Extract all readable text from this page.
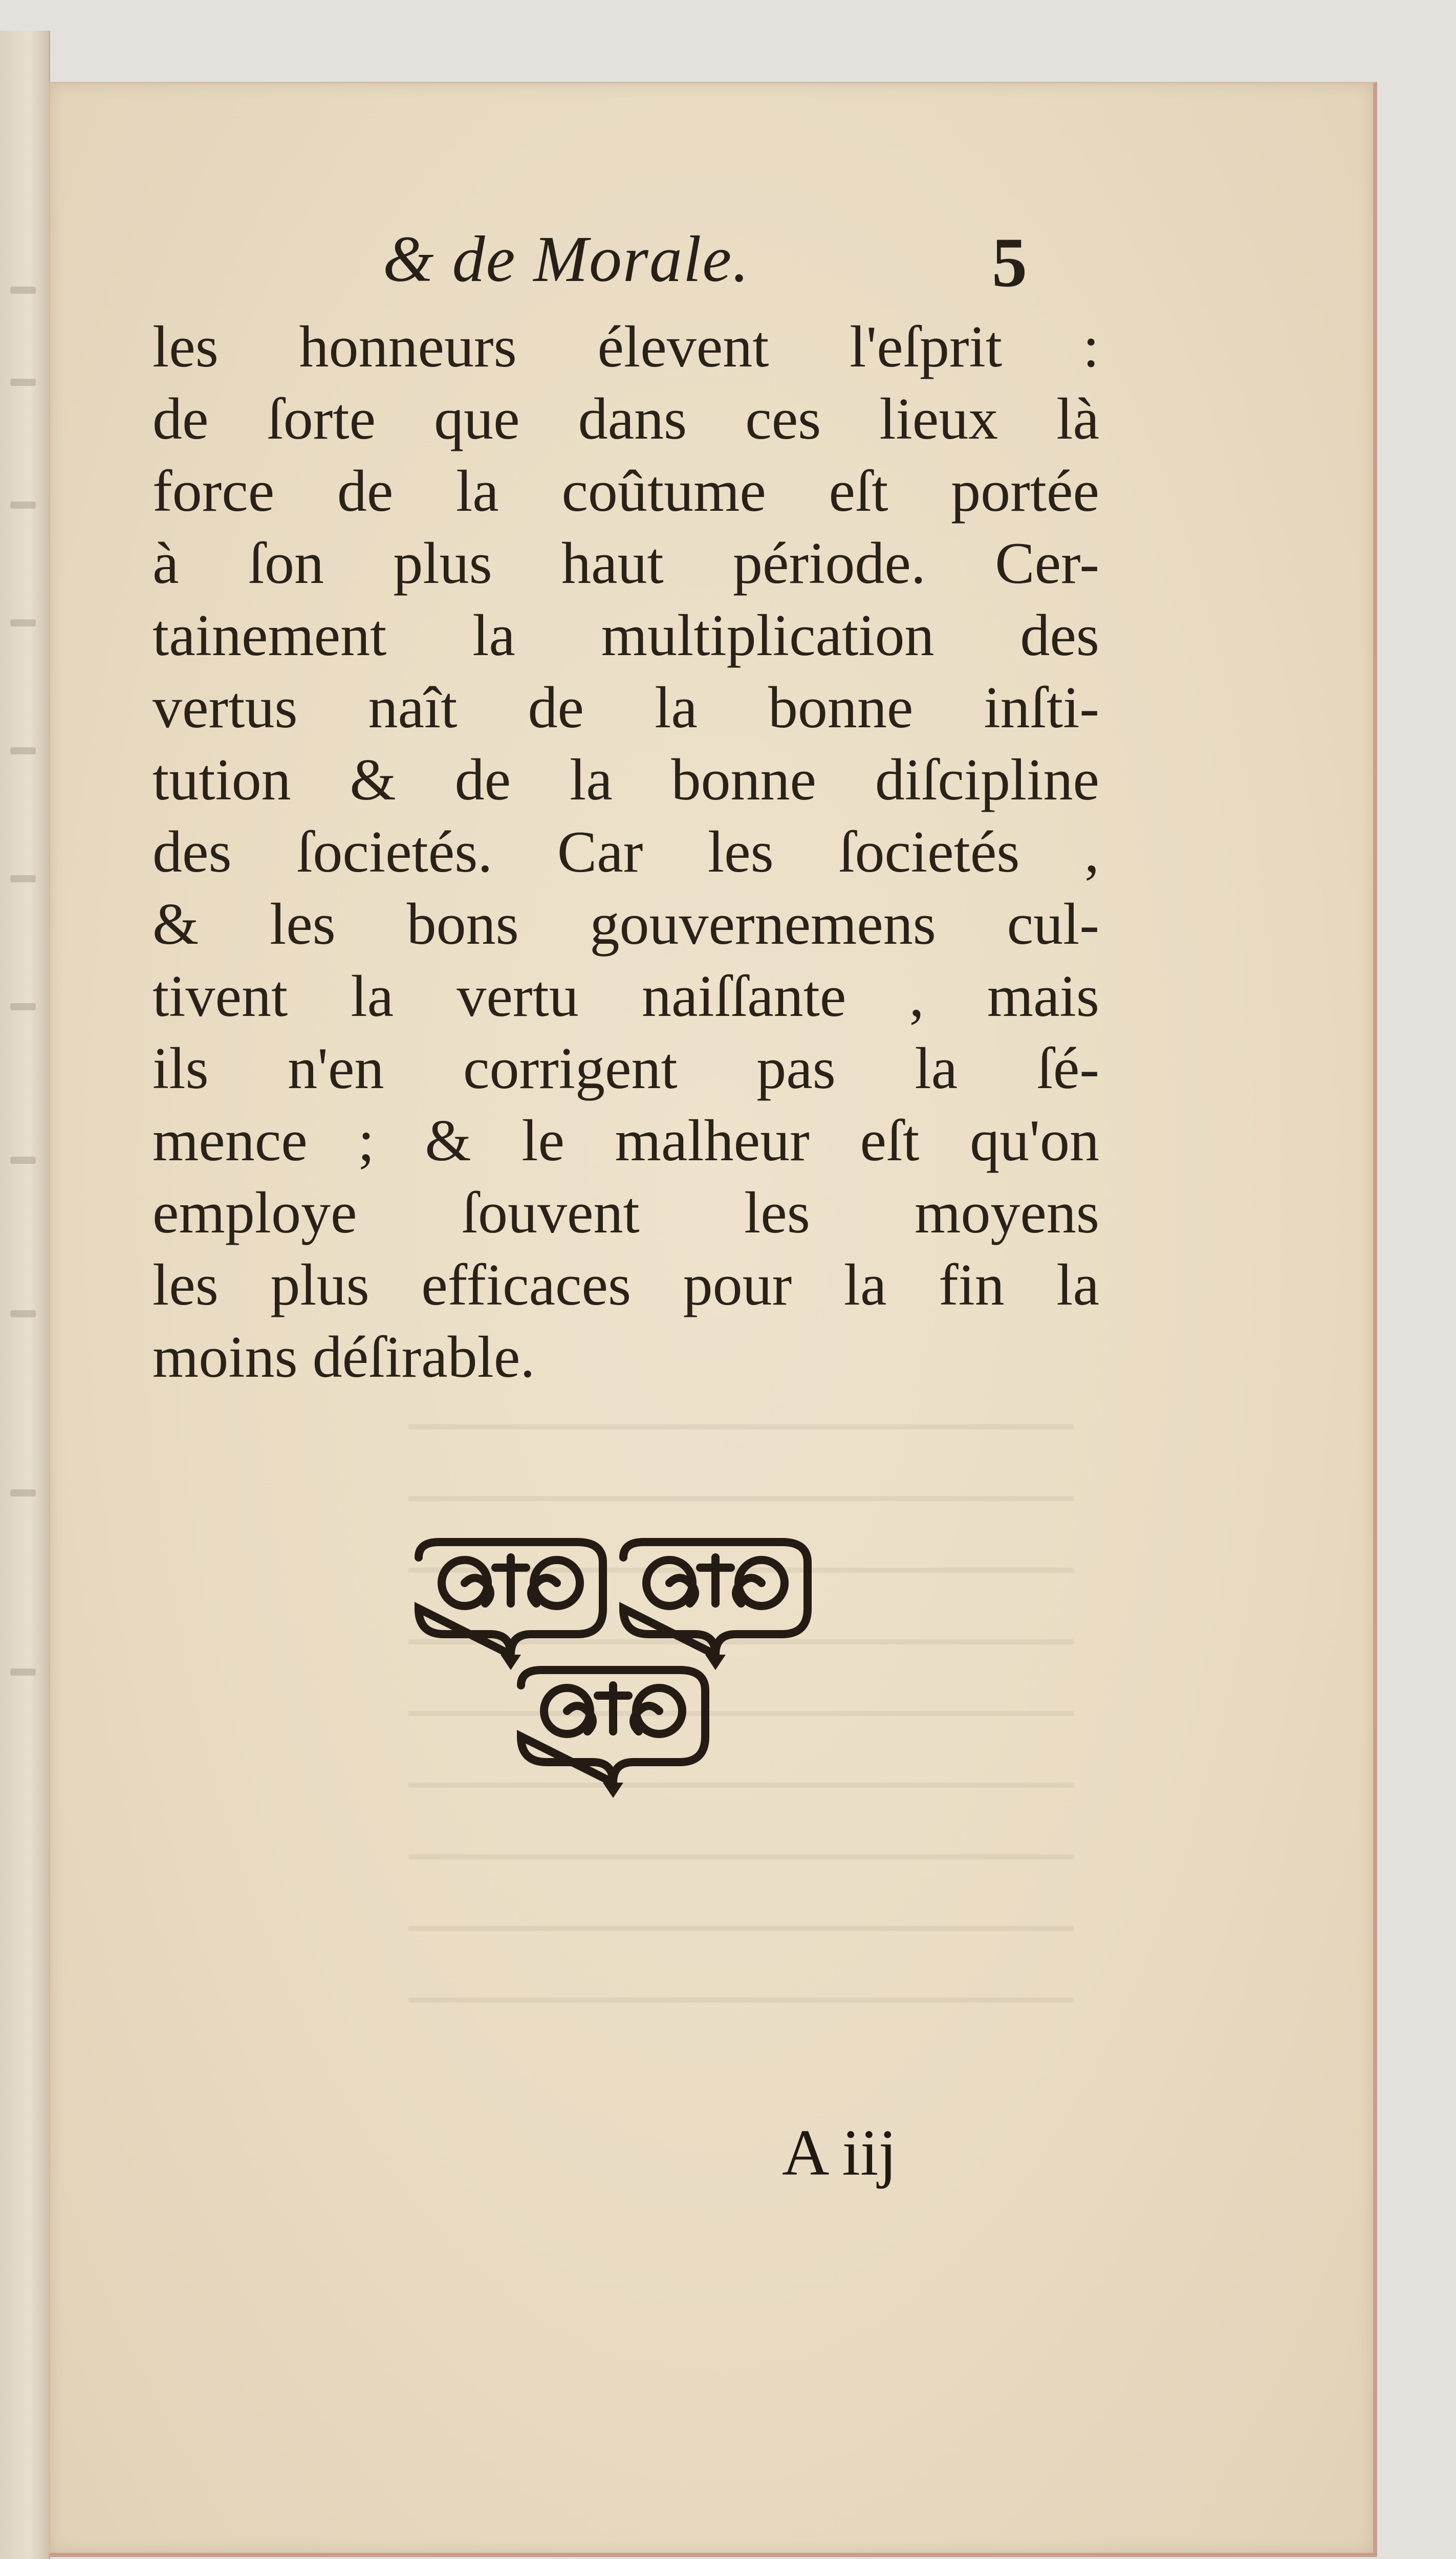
& de Morale.	5
les honneurs élevent l'eſprit :
de ſorte que dans ces lieux là
force de la coûtume eſt portée
à ſon plus haut période. Cer-
tainement la multiplication des
vertus naît de la bonne inſti-
tution & de la bonne diſcipline
des ſocietés. Car les ſocietés ,
& les bons gouvernemens cul-
tivent la vertu naiſſante , mais
ils n'en corrigent pas la ſé-
mence ; & le malheur eſt qu'on
employe ſouvent les moyens
les plus efficaces pour la fin la
moins déſirable.
A iij
